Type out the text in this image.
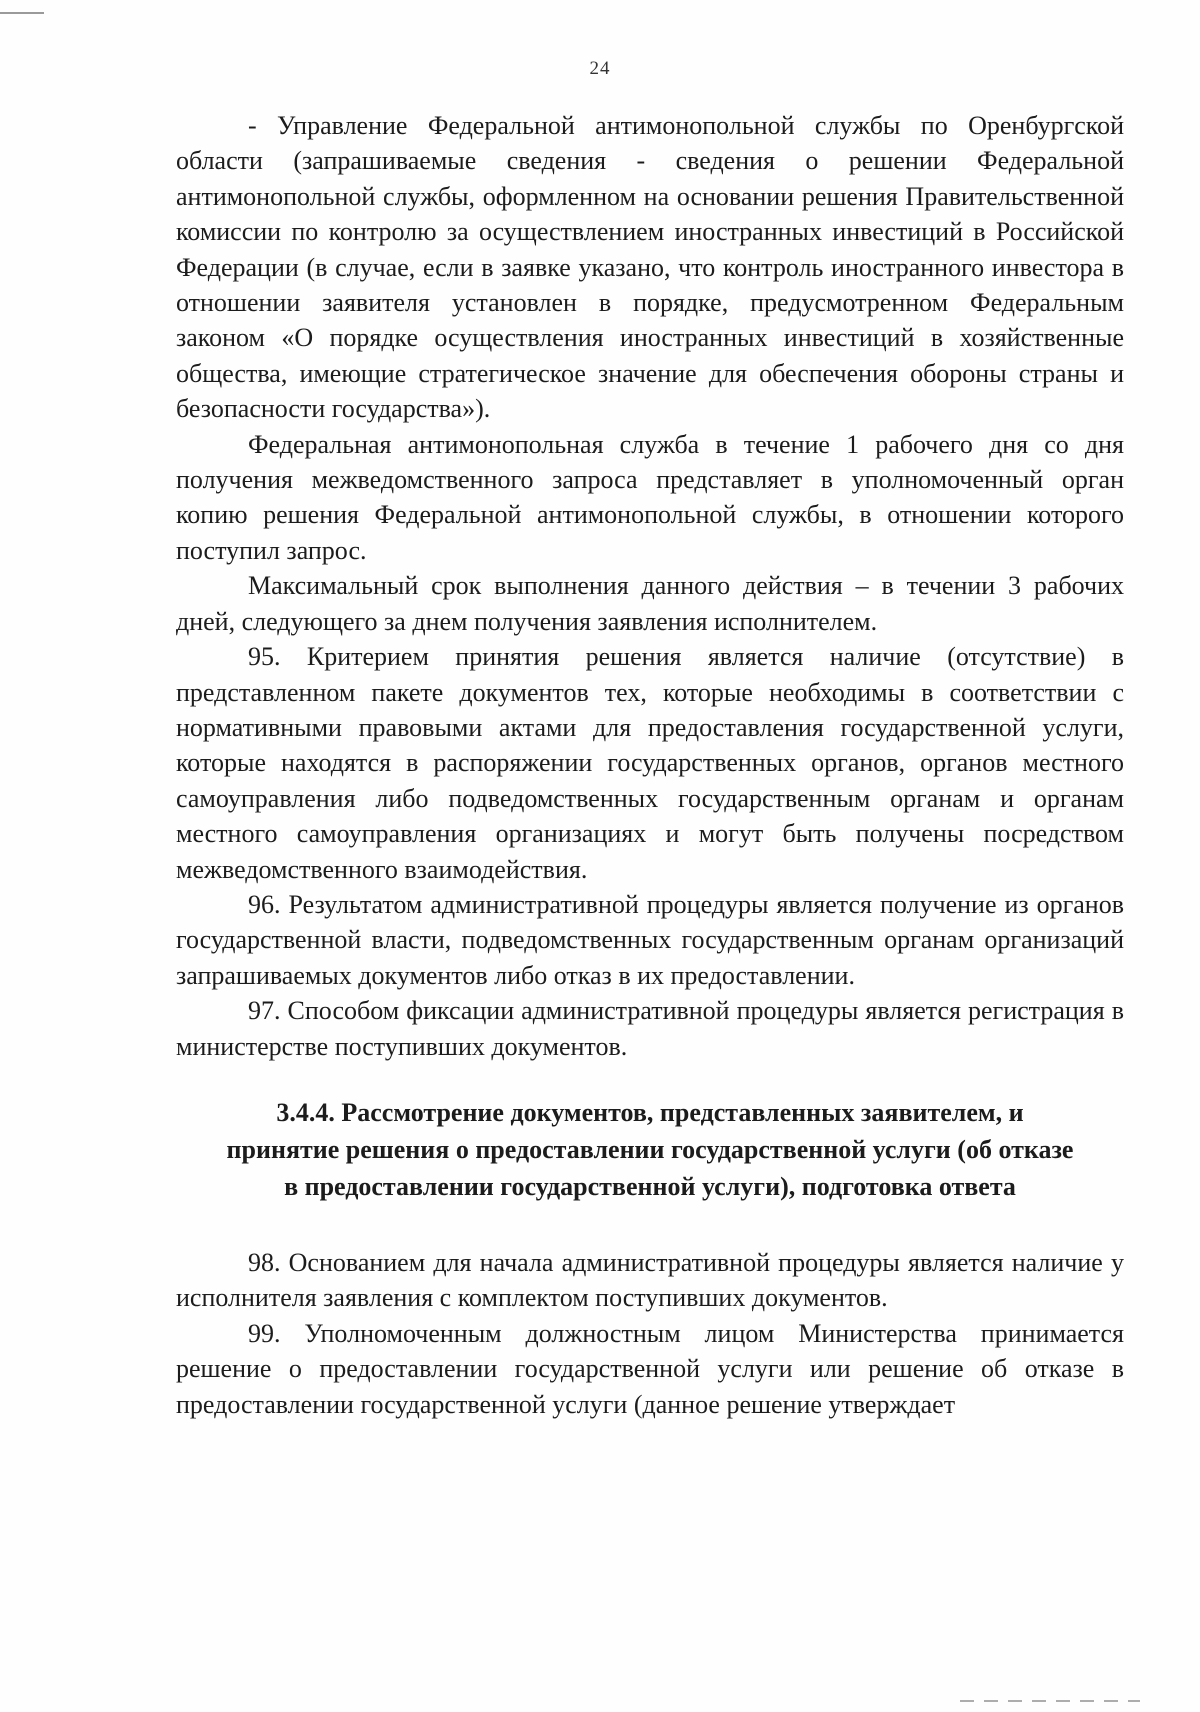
24

- Управление Федеральной антимонопольной службы по Оренбургской области (запрашиваемые сведения - сведения о решении Федеральной антимонопольной службы, оформленном на основании решения Правительственной комиссии по контролю за осуществлением иностранных инвестиций в Российской Федерации (в случае, если в заявке указано, что контроль иностранного инвестора в отношении заявителя установлен в порядке, предусмотренном Федеральным законом «О порядке осуществления иностранных инвестиций в хозяйственные общества, имеющие стратегическое значение для обеспечения обороны страны и безопасности государства»).

Федеральная антимонопольная служба в течение 1 рабочего дня со дня получения межведомственного запроса представляет в уполномоченный орган копию решения Федеральной антимонопольной службы, в отношении которого поступил запрос.

Максимальный срок выполнения данного действия – в течении 3 рабочих дней, следующего за днем получения заявления исполнителем.

95. Критерием принятия решения является наличие (отсутствие) в представленном пакете документов тех, которые необходимы в соответствии с нормативными правовыми актами для предоставления государственной услуги, которые находятся в распоряжении государственных органов, органов местного самоуправления либо подведомственных государственным органам и органам местного самоуправления организациях и могут быть получены посредством межведомственного взаимодействия.

96. Результатом административной процедуры является получение из органов государственной власти, подведомственных государственным органам организаций запрашиваемых документов либо отказ в их предоставлении.

97. Способом фиксации административной процедуры является регистрация в министерстве поступивших документов.

3.4.4. Рассмотрение документов, представленных заявителем, и
принятие решения о предоставлении государственной услуги (об отказе
в предоставлении государственной услуги), подготовка ответа

98. Основанием для начала административной процедуры является наличие у исполнителя заявления с комплектом поступивших документов.

99. Уполномоченным должностным лицом Министерства принимается решение о предоставлении государственной услуги или решение об отказе в предоставлении государственной услуги (данное решение утверждает
